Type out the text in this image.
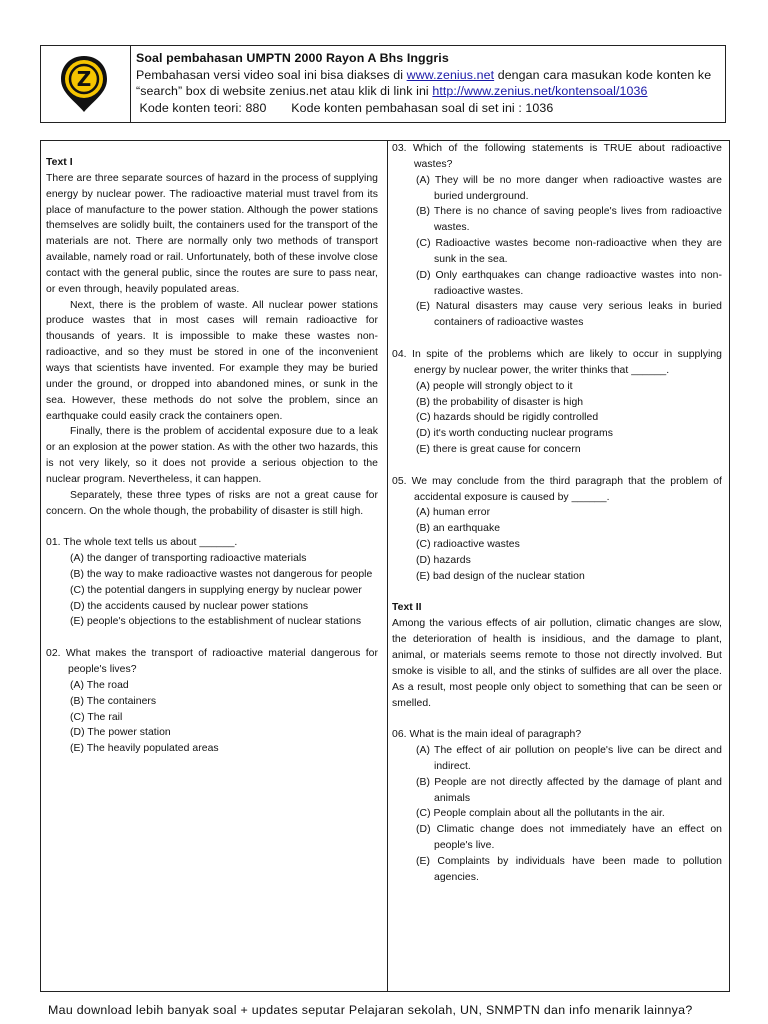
Z
Soal pembahasan UMPTN 2000 Rayon A Bhs Inggris
Pembahasan versi video soal ini bisa diakses di www.zenius.net dengan cara masukan kode konten ke
“search” box di website zenius.net atau klik di link ini http://www.zenius.net/kontensoal/1036
Kode konten teori: 880 Kode konten pembahasan soal di set ini : 1036

Text I

There are three separate sources of hazard in the process of supplying energy by nuclear power. The radioactive material must travel from its place of manufacture to the power station. Although the power stations themselves are solidly built, the containers used for the transport of the materials are not. There are normally only two methods of transport available, namely road or rail. Unfortunately, both of these involve close contact with the general public, since the routes are sure to pass near, or even through, heavily populated areas.

Next, there is the problem of waste. All nuclear power stations produce wastes that in most cases will remain radioactive for thousands of years. It is impossible to make these wastes non-radioactive, and so they must be stored in one of the inconvenient ways that scientists have invented. For example they may be buried under the ground, or dropped into abandoned mines, or sunk in the sea. However, these methods do not solve the problem, since an earthquake could easily crack the containers open.

Finally, there is the problem of accidental exposure due to a leak or an explosion at the power station. As with the other two hazards, this is not very likely, so it does not provide a serious objection to the nuclear program. Nevertheless, it can happen.

Separately, these three types of risks are not a great cause for concern. On the whole though, the probability of disaster is still high.

01. The whole text tells us about ______.
(A) the danger of transporting radioactive materials
(B) the way to make radioactive wastes not dangerous for people
(C) the potential dangers in supplying energy by nuclear power
(D) the accidents caused by nuclear power stations
(E) people's objections to the establishment of nuclear stations
02. What makes the transport of radioactive material dangerous for people's lives?
(A) The road
(B) The containers
(C) The rail
(D) The power station
(E) The heavily populated areas
03. Which of the following statements is TRUE about radioactive wastes?
(A) They will be no more danger when radioactive wastes are buried underground.
(B) There is no chance of saving people's lives from radioactive wastes.
(C) Radioactive wastes become non-radioactive when they are sunk in the sea.
(D) Only earthquakes can change radioactive wastes into non-radioactive wastes.
(E) Natural disasters may cause very serious leaks in buried containers of radioactive wastes
04. In spite of the problems which are likely to occur in supplying energy by nuclear power, the writer thinks that ______.
(A) people will strongly object to it
(B) the probability of disaster is high
(C) hazards should be rigidly controlled
(D) it's worth conducting nuclear programs
(E) there is great cause for concern
05. We may conclude from the third paragraph that the problem of accidental exposure is caused by ______.
(A) human error
(B) an earthquake
(C) radioactive wastes
(D) hazards
(E) bad design of the nuclear station

Text II

Among the various effects of air pollution, climatic changes are slow, the deterioration of health is insidious, and the damage to plant, animal, or materials seems remote to those not directly involved. But smoke is visible to all, and the stinks of sulfides are all over the place. As a result, most people only object to something that can be seen or smelled.

06. What is the main ideal of paragraph?
(A) The effect of air pollution on people's live can be direct and indirect.
(B) People are not directly affected by the damage of plant and animals
(C) People complain about all the pollutants in the air.
(D) Climatic change does not immediately have an effect on people's live.
(E) Complaints by individuals have been made to pollution agencies.
Mau download lebih banyak soal + updates seputar Pelajaran sekolah, UN, SNMPTN dan info menarik lainnya?
